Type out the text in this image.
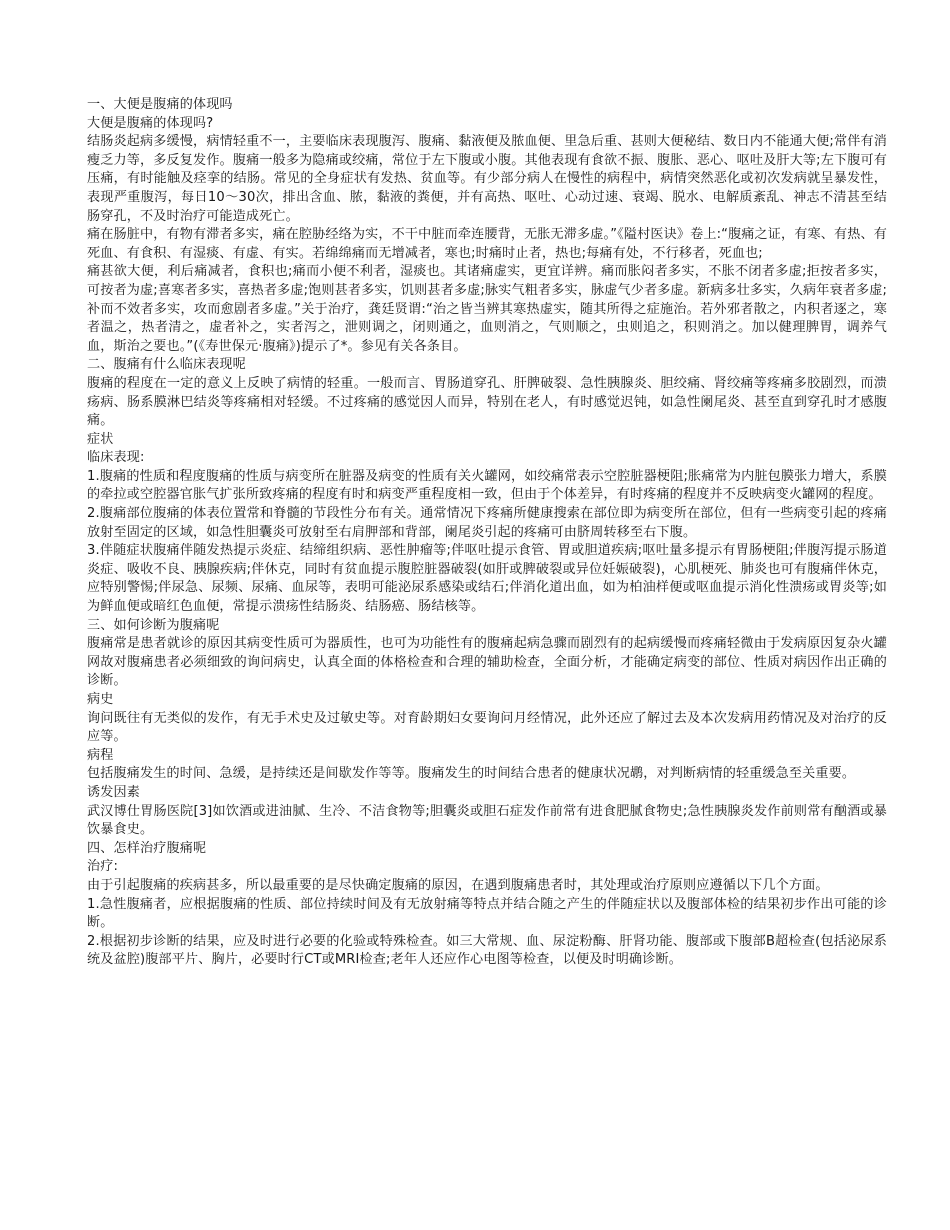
一、大便是腹痛的体现吗

大便是腹痛的体现吗?

结肠炎起病多缓慢，病情轻重不一，主要临床表现腹泻、腹痛、黏液便及脓血便、里急后重、甚则大便秘结、数日内不能通大便;常伴有消瘦乏力等，多反复发作。腹痛一般多为隐痛或绞痛，常位于左下腹或小腹。其他表现有食欲不振、腹胀、恶心、呕吐及肝大等;左下腹可有压痛，有时能触及痉挛的结肠。常见的全身症状有发热、贫血等。有少部分病人在慢性的病程中，病情突然恶化或初次发病就呈暴发性，表现严重腹泻，每日10～30次，排出含血、脓，黏液的粪便，并有高热、呕吐、心动过速、衰竭、脱水、电解质紊乱、神志不清甚至结肠穿孔，不及时治疗可能造成死亡。

痛在肠脏中，有物有滞者多实，痛在腔胁经络为实，不干中脏而牵连腰背，无胀无滞多虚。”《隘村医诀》卷上:“腹痛之证，有寒、有热、有死血、有食积、有湿痰、有虚、有实。若绵绵痛而无增减者，寒也;时痛时止者，热也;每痛有处，不行移者，死血也;

痛甚欲大便，利后痛减者，食积也;痛而小便不利者，湿痰也。其诸痛虚实，更宜详辨。痛而胀闷者多实，不胀不闭者多虚;拒按者多实，可按者为虚;喜寒者多实，喜热者多虚;饱则甚者多实，饥则甚者多虚;脉实气粗者多实，脉虚气少者多虚。新病多壮多实，久病年衰者多虚;补而不效者多实，攻而愈剧者多虚。”关于治疗，龚廷贤谓:“治之皆当辨其寒热虚实，随其所得之症施治。若外邪者散之，内积者逐之，寒者温之，热者清之，虚者补之，实者泻之，泄则调之，闭则通之，血则消之，气则顺之，虫则追之，积则消之。加以健理脾胃，调养气血，斯治之要也。”(《寿世保元·腹痛》)提示了*。参见有关各条目。

二、腹痛有什么临床表现呢

腹痛的程度在一定的意义上反映了病情的轻重。一般而言、胃肠道穿孔、肝脾破裂、急性胰腺炎、胆绞痛、肾绞痛等疼痛多胶剧烈，而溃疡病、肠系膜淋巴结炎等疼痛相对轻缓。不过疼痛的感觉因人而异，特别在老人，有时感觉迟钝，如急性阑尾炎、甚至直到穿孔时才感腹痛。

症状

临床表现:

1.腹痛的性质和程度腹痛的性质与病变所在脏器及病变的性质有关火罐网，如绞痛常表示空腔脏器梗阻;胀痛常为内脏包膜张力增大，系膜的牵拉或空腔器官胀气扩张所致疼痛的程度有时和病变严重程度相一致，但由于个体差异，有时疼痛的程度并不反映病变火罐网的程度。

2.腹痛部位腹痛的体表位置常和脊髓的节段性分布有关。通常情况下疼痛所健康搜索在部位即为病变所在部位，但有一些病变引起的疼痛放射至固定的区域，如急性胆囊炎可放射至右肩胛部和背部，阑尾炎引起的疼痛可由脐周转移至右下腹。

3.伴随症状腹痛伴随发热提示炎症、结缔组织病、恶性肿瘤等;伴呕吐提示食管、胃或胆道疾病;呕吐量多提示有胃肠梗阻;伴腹泻提示肠道炎症、吸收不良、胰腺疾病;伴休克，同时有贫血提示腹腔脏器破裂(如肝或脾破裂或异位妊娠破裂)，心肌梗死、肺炎也可有腹痛伴休克，应特别警惕;伴尿急、尿频、尿痛、血尿等，表明可能泌尿系感染或结石;伴消化道出血，如为柏油样便或呕血提示消化性溃疡或胃炎等;如为鲜血便或暗红色血便，常提示溃疡性结肠炎、结肠癌、肠结核等。

三、如何诊断为腹痛呢

腹痛常是患者就诊的原因其病变性质可为器质性，也可为功能性有的腹痛起病急骤而剧烈有的起病缓慢而疼痛轻微由于发病原因复杂火罐网故对腹痛患者必须细致的询问病史，认真全面的体格检查和合理的辅助检查，全面分析，才能确定病变的部位、性质对病因作出正确的诊断。

病史

询问既往有无类似的发作，有无手术史及过敏史等。对育龄期妇女要询问月经情况，此外还应了解过去及本次发病用药情况及对治疗的反应等。

病程

包括腹痛发生的时间、急缓，是持续还是间歇发作等等。腹痛发生的时间结合患者的健康状况鹕，对判断病情的轻重缓急至关重要。

诱发因素

武汉博仕胃肠医院[3]如饮酒或进油腻、生冷、不洁食物等;胆囊炎或胆石症发作前常有进食肥腻食物史;急性胰腺炎发作前则常有酗酒或暴饮暴食史。

四、怎样治疗腹痛呢

治疗:

由于引起腹痛的疾病甚多，所以最重要的是尽快确定腹痛的原因，在遇到腹痛患者时，其处理或治疗原则应遵循以下几个方面。

1.急性腹痛者，应根据腹痛的性质、部位持续时间及有无放射痛等特点并结合随之产生的伴随症状以及腹部体检的结果初步作出可能的诊断。

2.根据初步诊断的结果，应及时进行必要的化验或特殊检查。如三大常规、血、尿淀粉酶、肝肾功能、腹部或下腹部B超检查(包括泌尿系统及盆腔)腹部平片、胸片，必要时行CT或MRI检查;老年人还应作心电图等检查，以便及时明确诊断。
